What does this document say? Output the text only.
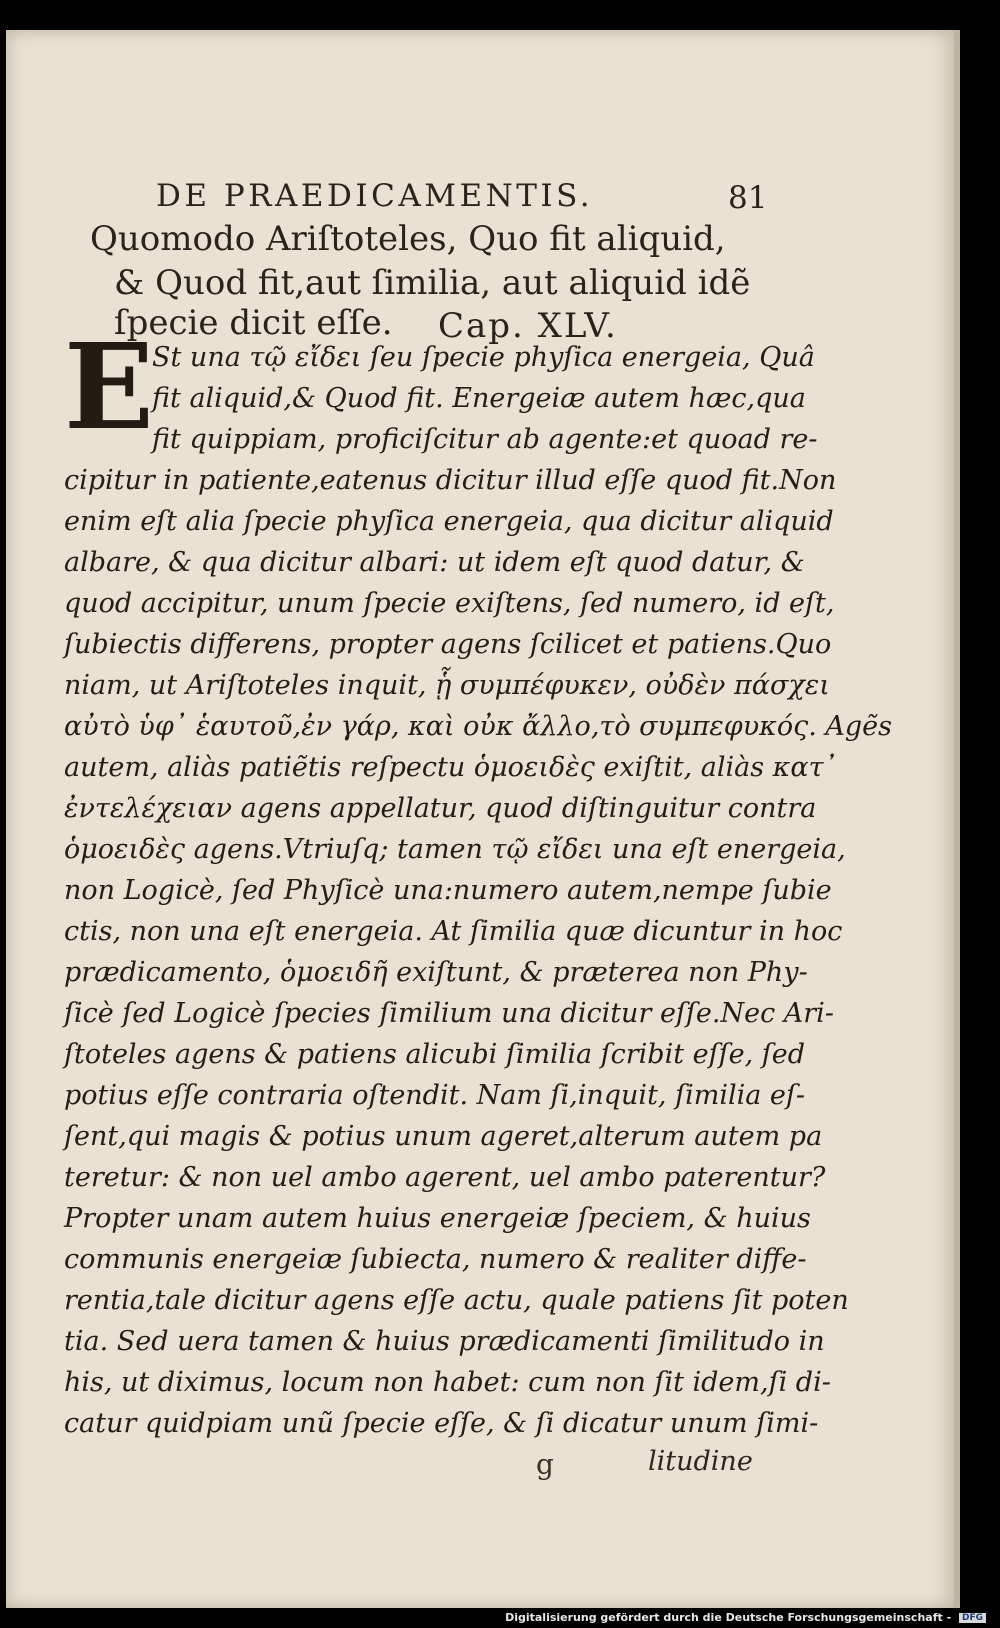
DE PRAEDICAMENTIS.	81
Quomodo Ariſtoteles, Quo fit aliquid,
& Quod fit,aut ſimilia, aut aliquid idẽ
ſpecie dicit eſſe. Cap. XLV.
E
St una τῷ εἴδει ſeu ſpecie phyſica energeia, Quâ
fit aliquid,& Quod fit. Energeiæ autem hæc,qua
fit quippiam, proficiſcitur ab agente:et quoad re-
cipitur in patiente,eatenus dicitur illud eſſe quod fit.Non
enim eſt alia ſpecie phyſica energeia, qua dicitur aliquid
albare, & qua dicitur albari: ut idem eſt quod datur, &
quod accipitur, unum ſpecie exiſtens, ſed numero, id eſt,
ſubiectis differens, propter agens ſcilicet et patiens.Quo
niam, ut Ariſtoteles inquit, ᾗ συμπέφυκεν, οὐδὲν πάσχει
αὐτὸ ὑφ᾽ ἑαυτοῦ,ἐν γάρ, καὶ οὐκ ἄλλο,τὸ συμπεφυκός. Agẽs
autem, aliàs patiẽtis reſpectu ὁμοειδὲς exiſtit, aliàs κατ᾽
ἐντελέχειαν agens appellatur, quod diſtinguitur contra
ὁμοειδὲς agens.Vtriuſq; tamen τῷ εἴδει una eſt energeia,
non Logicè, ſed Phyſicè una:numero autem,nempe ſubie
ctis, non una eſt energeia. At ſimilia quæ dicuntur in hoc
prædicamento, ὁμοειδῆ exiſtunt, & præterea non Phy-
ſicè ſed Logicè ſpecies ſimilium una dicitur eſſe.Nec Ari-
ſtoteles agens & patiens alicubi ſimilia ſcribit eſſe, ſed
potius eſſe contraria oſtendit. Nam ſi,inquit, ſimilia eſ-
ſent,qui magis & potius unum ageret,alterum autem pa
teretur: & non uel ambo agerent, uel ambo paterentur?
Propter unam autem huius energeiæ ſpeciem, & huius
communis energeiæ ſubiecta, numero & realiter diffe-
rentia,tale dicitur agens eſſe actu, quale patiens ſit poten
tia. Sed uera tamen & huius prædicamenti ſimilitudo in
his, ut diximus, locum non habet: cum non ſit idem,ſi di-
catur quidpiam unũ ſpecie eſſe, & ſi dicatur unum ſimi-
g	litudine
Digitalisierung gefördert durch die Deutsche Forschungsgemeinschaft - DFG
